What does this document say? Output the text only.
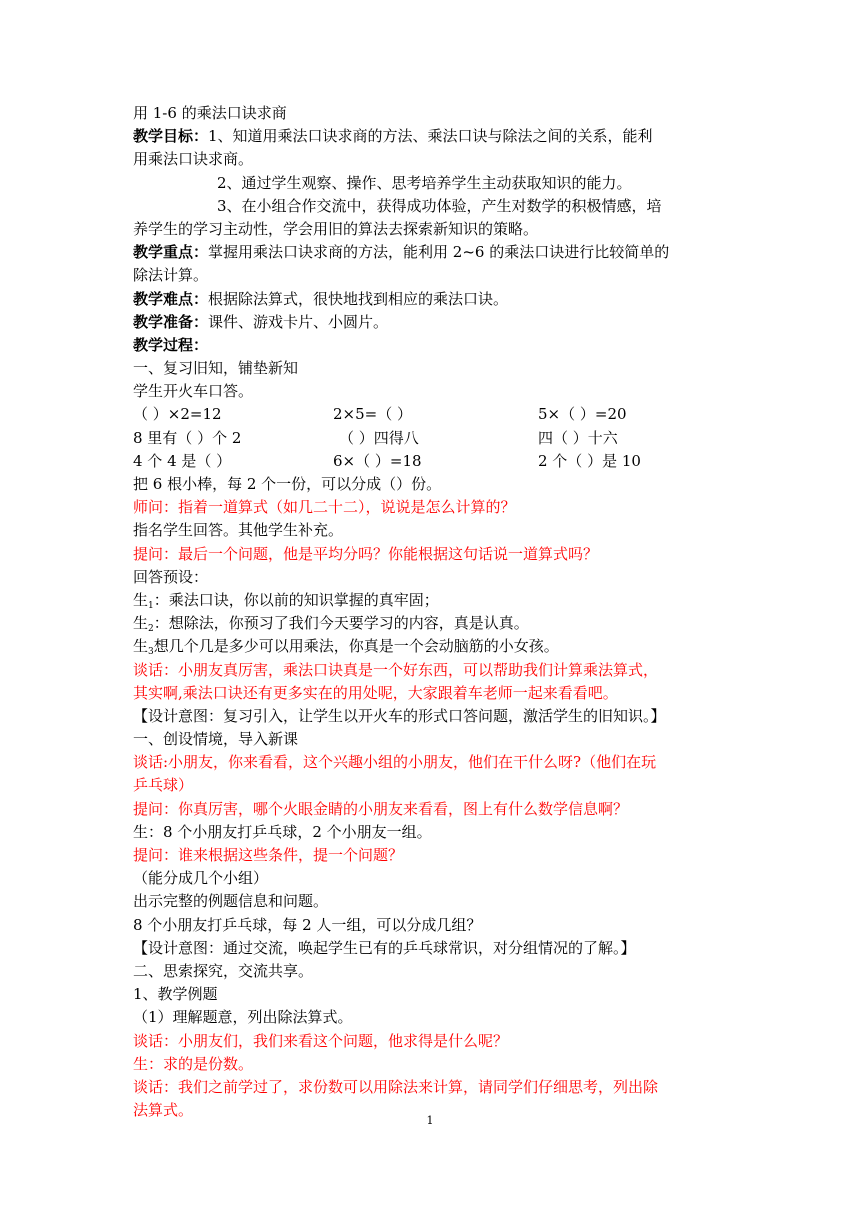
用 1-6 的乘法口诀求商
教学目标：1、知道用乘法口诀求商的方法、乘法口诀与除法之间的关系，能利
用乘法口诀求商。
2、通过学生观察、操作、思考培养学生主动获取知识的能力。
3、在小组合作交流中，获得成功体验，产生对数学的积极情感，培
养学生的学习主动性，学会用旧的算法去探索新知识的策略。
教学重点：掌握用乘法口诀求商的方法，能利用 2~6 的乘法口诀进行比较简单的
除法计算。
教学难点：根据除法算式，很快地找到相应的乘法口诀。
教学准备：课件、游戏卡片、小圆片。
教学过程：
一、复习旧知，铺垫新知
学生开火车口答。
（ ）×2=12	2×5=（ ）	5×（ ）=20
8 里有（ ）个 2	（ ）四得八	四（ ）十六
4 个 4 是（ ）	6×（ ）=18	2 个（ ）是 10
把 6 根小棒，每 2 个一份，可以分成（）份。
师问：指着一道算式（如几二十二），说说是怎么计算的？
指名学生回答。其他学生补充。
提问：最后一个问题，他是平均分吗？你能根据这句话说一道算式吗？
回答预设：
生$_1$：乘法口诀，你以前的知识掌握的真牢固；
生$_2$：想除法，你预习了我们今天要学习的内容，真是认真。
生$_3$想几个几是多少可以用乘法，你真是一个会动脑筋的小女孩。
谈话：小朋友真厉害，乘法口诀真是一个好东西，可以帮助我们计算乘法算式，
其实啊,乘法口诀还有更多实在的用处呢，大家跟着车老师一起来看看吧。
【设计意图：复习引入，让学生以开火车的形式口答问题，激活学生的旧知识。】
一、创设情境，导入新课
谈话:小朋友，你来看看，这个兴趣小组的小朋友，他们在干什么呀?（他们在玩
乒乓球）
提问：你真厉害，哪个火眼金睛的小朋友来看看，图上有什么数学信息啊？
生：8 个小朋友打乒乓球，2 个小朋友一组。
提问：谁来根据这些条件，提一个问题？
（能分成几个小组）
出示完整的例题信息和问题。
8 个小朋友打乒乓球，每 2 人一组，可以分成几组？
【设计意图：通过交流，唤起学生已有的乒乓球常识，对分组情况的了解。】
二、思索探究，交流共享。
1、教学例题
（1）理解题意，列出除法算式。
谈话：小朋友们，我们来看这个问题，他求得是什么呢？
生：求的是份数。
谈话：我们之前学过了，求份数可以用除法来计算，请同学们仔细思考，列出除
法算式。
1
